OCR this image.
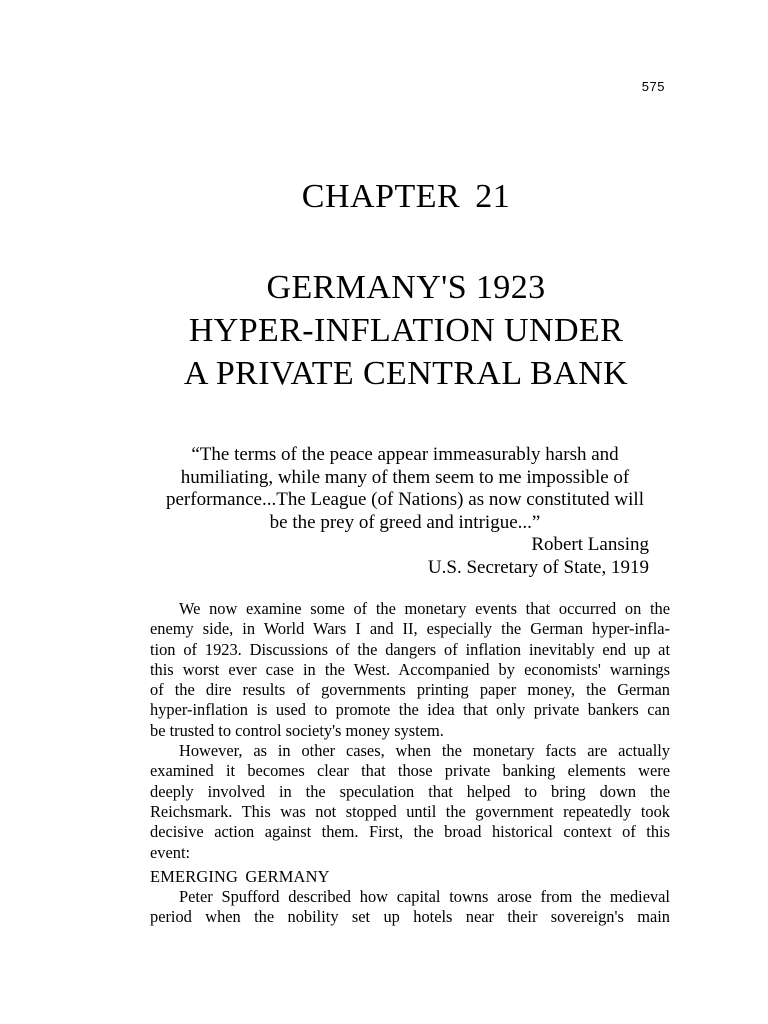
575
CHAPTER 21
GERMANY'S 1923
HYPER-INFLATION UNDER
A PRIVATE CENTRAL BANK
“The terms of the peace appear immeasurably harsh and
humiliating, while many of them seem to me impossible of
performance...The League (of Nations) as now constituted will
be the prey of greed and intrigue...”
Robert Lansing
U.S. Secretary of State, 1919
We now examine some of the monetary events that occurred on the
enemy side, in World Wars I and II, especially the German hyper-infla-
tion of 1923. Discussions of the dangers of inflation inevitably end up at
this worst ever case in the West. Accompanied by economists' warnings
of the dire results of governments printing paper money, the German
hyper-inflation is used to promote the idea that only private bankers can
be trusted to control society's money system.
However, as in other cases, when the monetary facts are actually
examined it becomes clear that those private banking elements were
deeply involved in the speculation that helped to bring down the
Reichsmark. This was not stopped until the government repeatedly took
decisive action against them. First, the broad historical context of this
event:
EMERGING GERMANY
Peter Spufford described how capital towns arose from the medieval
period when the nobility set up hotels near their sovereign's main
